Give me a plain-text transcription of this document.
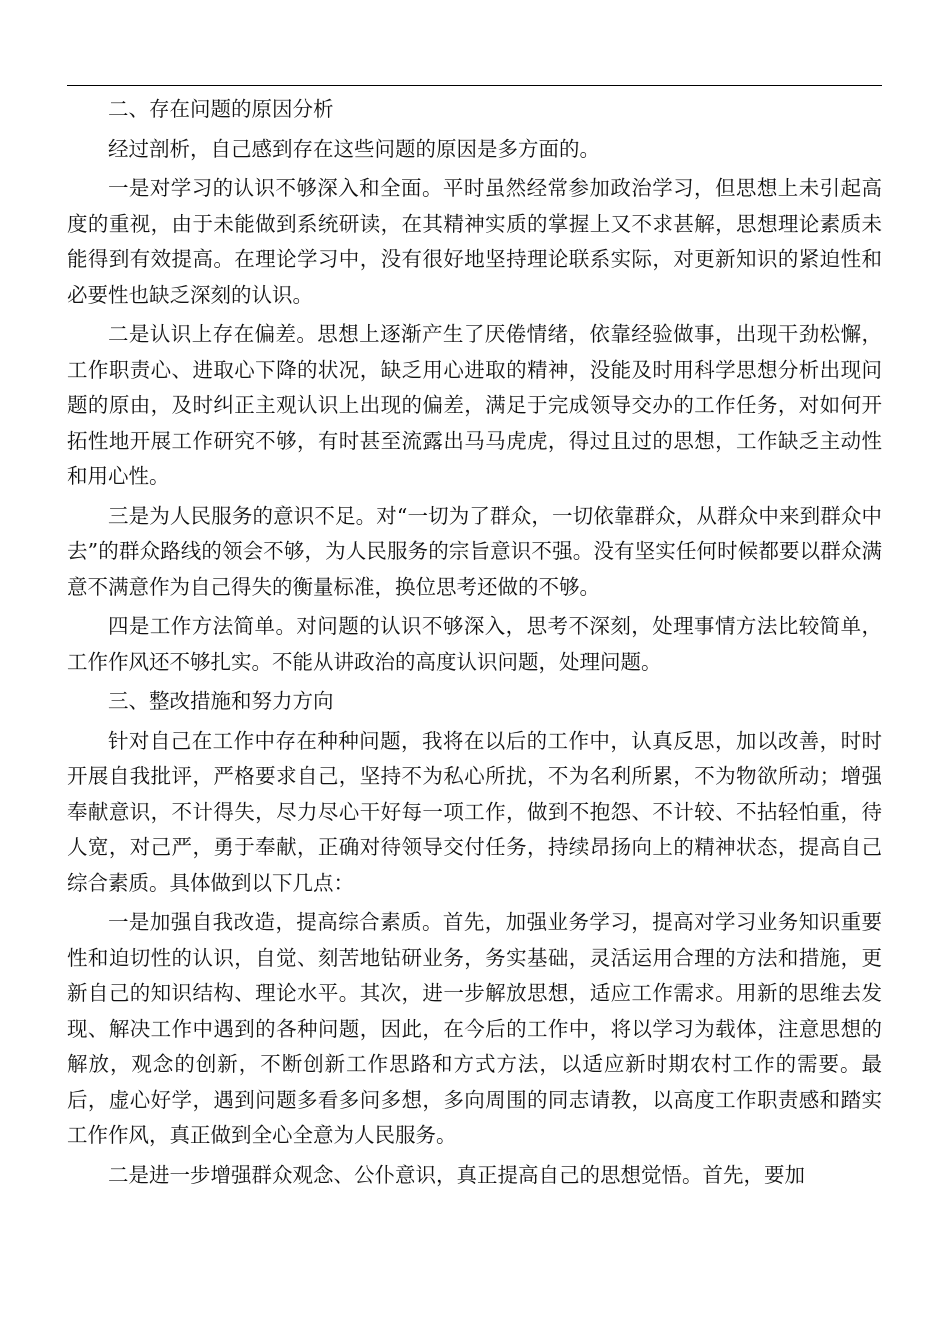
二、存在问题的原因分析

经过剖析，自己感到存在这些问题的原因是多方面的。

一是对学习的认识不够深入和全面。平时虽然经常参加政治学习，但思想上未引起高度的重视，由于未能做到系统研读，在其精神实质的掌握上又不求甚解，思想理论素质未能得到有效提高。在理论学习中，没有很好地坚持理论联系实际，对更新知识的紧迫性和必要性也缺乏深刻的认识。

二是认识上存在偏差。思想上逐渐产生了厌倦情绪，依靠经验做事，出现干劲松懈，工作职责心、进取心下降的状况，缺乏用心进取的精神，没能及时用科学思想分析出现问题的原由，及时纠正主观认识上出现的偏差，满足于完成领导交办的工作任务，对如何开拓性地开展工作研究不够，有时甚至流露出马马虎虎，得过且过的思想，工作缺乏主动性和用心性。

三是为人民服务的意识不足。对“一切为了群众，一切依靠群众，从群众中来到群众中去”的群众路线的领会不够，为人民服务的宗旨意识不强。没有坚实任何时候都要以群众满意不满意作为自己得失的衡量标准，换位思考还做的不够。

四是工作方法简单。对问题的认识不够深入，思考不深刻，处理事情方法比较简单，工作作风还不够扎实。不能从讲政治的高度认识问题，处理问题。

三、整改措施和努力方向

针对自己在工作中存在种种问题，我将在以后的工作中，认真反思，加以改善，时时开展自我批评，严格要求自己，坚持不为私心所扰，不为名利所累，不为物欲所动；增强奉献意识，不计得失，尽力尽心干好每一项工作，做到不抱怨、不计较、不拈轻怕重，待人宽，对己严，勇于奉献，正确对待领导交付任务，持续昂扬向上的精神状态，提高自己综合素质。具体做到以下几点：

一是加强自我改造，提高综合素质。首先，加强业务学习，提高对学习业务知识重要性和迫切性的认识，自觉、刻苦地钻研业务，务实基础，灵活运用合理的方法和措施，更新自己的知识结构、理论水平。其次，进一步解放思想，适应工作需求。用新的思维去发现、解决工作中遇到的各种问题，因此，在今后的工作中，将以学习为载体，注意思想的解放，观念的创新，不断创新工作思路和方式方法，以适应新时期农村工作的需要。最后，虚心好学，遇到问题多看多问多想，多向周围的同志请教，以高度工作职责感和踏实工作作风，真正做到全心全意为人民服务。

二是进一步增强群众观念、公仆意识，真正提高自己的思想觉悟。首先，要加
